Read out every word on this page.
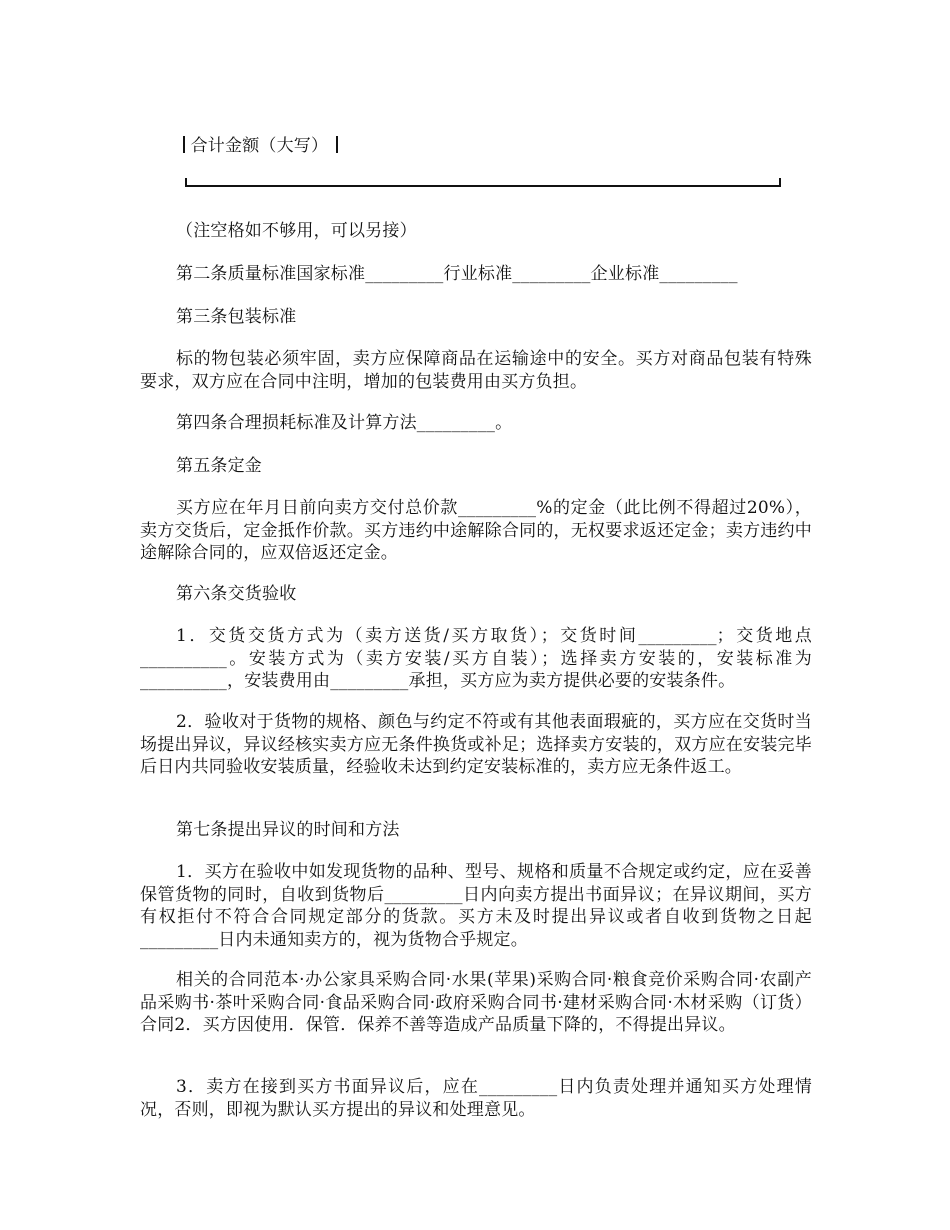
合计金额（大写）
（注空格如不够用，可以另接）
第二条质量标准国家标准_________行业标准_________企业标准_________
第三条包装标准
标的物包装必须牢固，卖方应保障商品在运输途中的安全。买方对商品包装有特殊要求，双方应在合同中注明，增加的包装费用由买方负担。
第四条合理损耗标准及计算方法_________。
第五条定金
买方应在年月日前向卖方交付总价款_________%的定金（此比例不得超过20%），卖方交货后，定金抵作价款。买方违约中途解除合同的，无权要求返还定金；卖方违约中途解除合同的，应双倍返还定金。
第六条交货验收
1．交货交货方式为（卖方送货/买方取货）；交货时间_________；交货地点__________。安装方式为（卖方安装/买方自装）；选择卖方安装的，安装标准为__________，安装费用由_________承担，买方应为卖方提供必要的安装条件。
2．验收对于货物的规格、颜色与约定不符或有其他表面瑕疵的，买方应在交货时当场提出异议，异议经核实卖方应无条件换货或补足；选择卖方安装的，双方应在安装完毕后日内共同验收安装质量，经验收未达到约定安装标准的，卖方应无条件返工。
第七条提出异议的时间和方法
1．买方在验收中如发现货物的品种、型号、规格和质量不合规定或约定，应在妥善保管货物的同时，自收到货物后_________日内向卖方提出书面异议；在异议期间，买方有权拒付不符合合同规定部分的货款。买方未及时提出异议或者自收到货物之日起_________日内未通知卖方的，视为货物合乎规定。
相关的合同范本·办公家具采购合同·水果(苹果)采购合同·粮食竞价采购合同·农副产品采购书·茶叶采购合同·食品采购合同·政府采购合同书·建材采购合同·木材采购（订货）合同2．买方因使用．保管．保养不善等造成产品质量下降的，不得提出异议。
3．卖方在接到买方书面异议后，应在_________日内负责处理并通知买方处理情况，否则，即视为默认买方提出的异议和处理意见。
